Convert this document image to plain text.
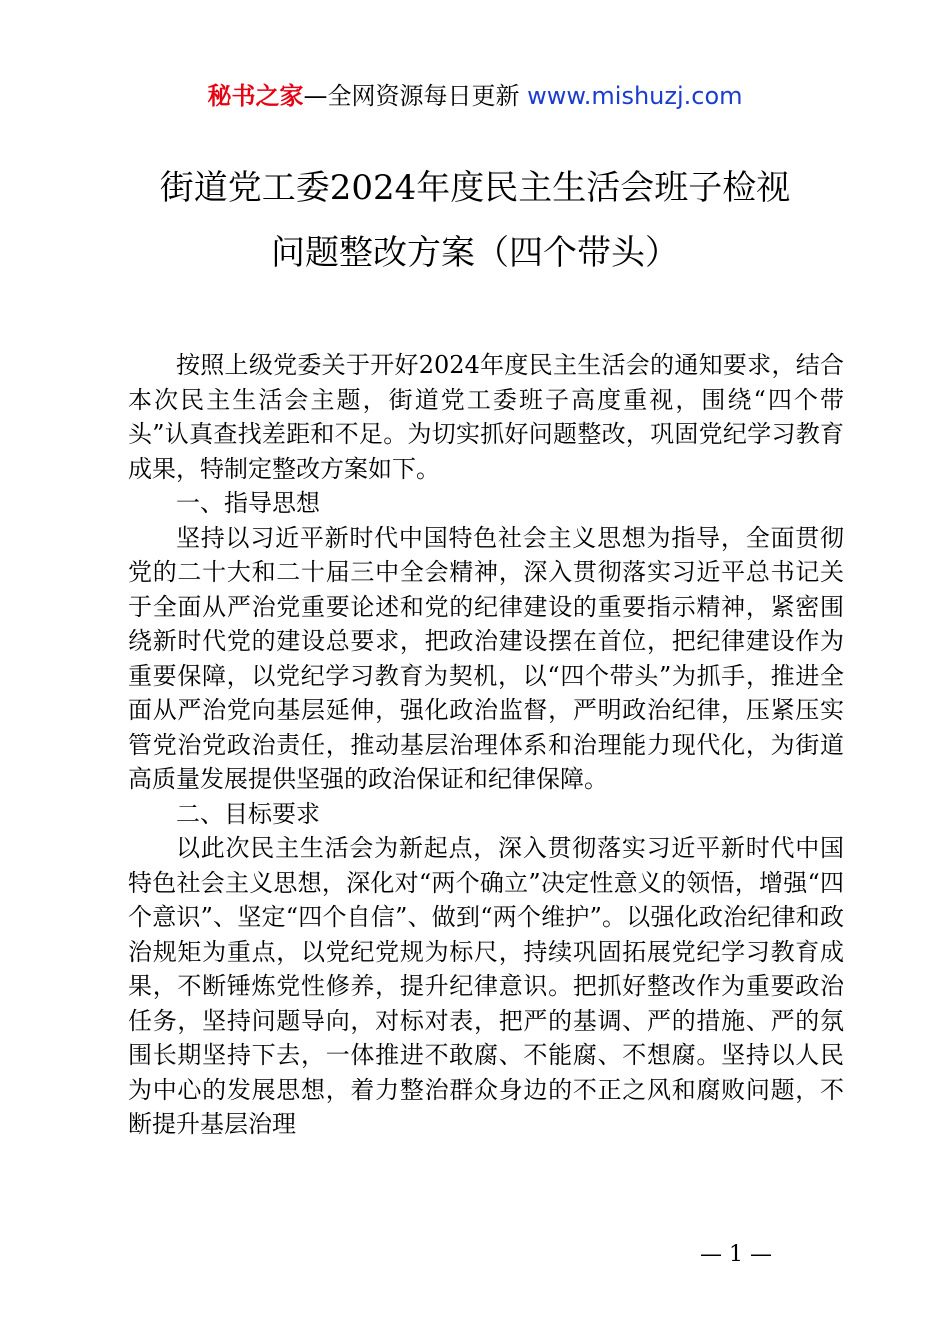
秘书之家—全网资源每日更新 www.mishuzj.com
街道党工委2024年度民主生活会班子检视
问题整改方案（四个带头）

按照上级党委关于开好2024年度民主生活会的通知要求，结合本次民主生活会主题，街道党工委班子高度重视，围绕“四个带头”认真查找差距和不足。为切实抓好问题整改，巩固党纪学习教育成果，特制定整改方案如下。

一、指导思想

坚持以习近平新时代中国特色社会主义思想为指导，全面贯彻党的二十大和二十届三中全会精神，深入贯彻落实习近平总书记关于全面从严治党重要论述和党的纪律建设的重要指示精神，紧密围绕新时代党的建设总要求，把政治建设摆在首位，把纪律建设作为重要保障，以党纪学习教育为契机，以“四个带头”为抓手，推进全面从严治党向基层延伸，强化政治监督，严明政治纪律，压紧压实管党治党政治责任，推动基层治理体系和治理能力现代化，为街道高质量发展提供坚强的政治保证和纪律保障。

二、目标要求

以此次民主生活会为新起点，深入贯彻落实习近平新时代中国特色社会主义思想，深化对“两个确立”决定性意义的领悟，增强“四个意识”、坚定“四个自信”、做到“两个维护”。以强化政治纪律和政治规矩为重点，以党纪党规为标尺，持续巩固拓展党纪学习教育成果，不断锤炼党性修养，提升纪律意识。把抓好整改作为重要政治任务，坚持问题导向，对标对表，把严的基调、严的措施、严的氛围长期坚持下去，一体推进不敢腐、不能腐、不想腐。坚持以人民为中心的发展思想，着力整治群众身边的不正之风和腐败问题，不断提升基层治理

— 1 —
